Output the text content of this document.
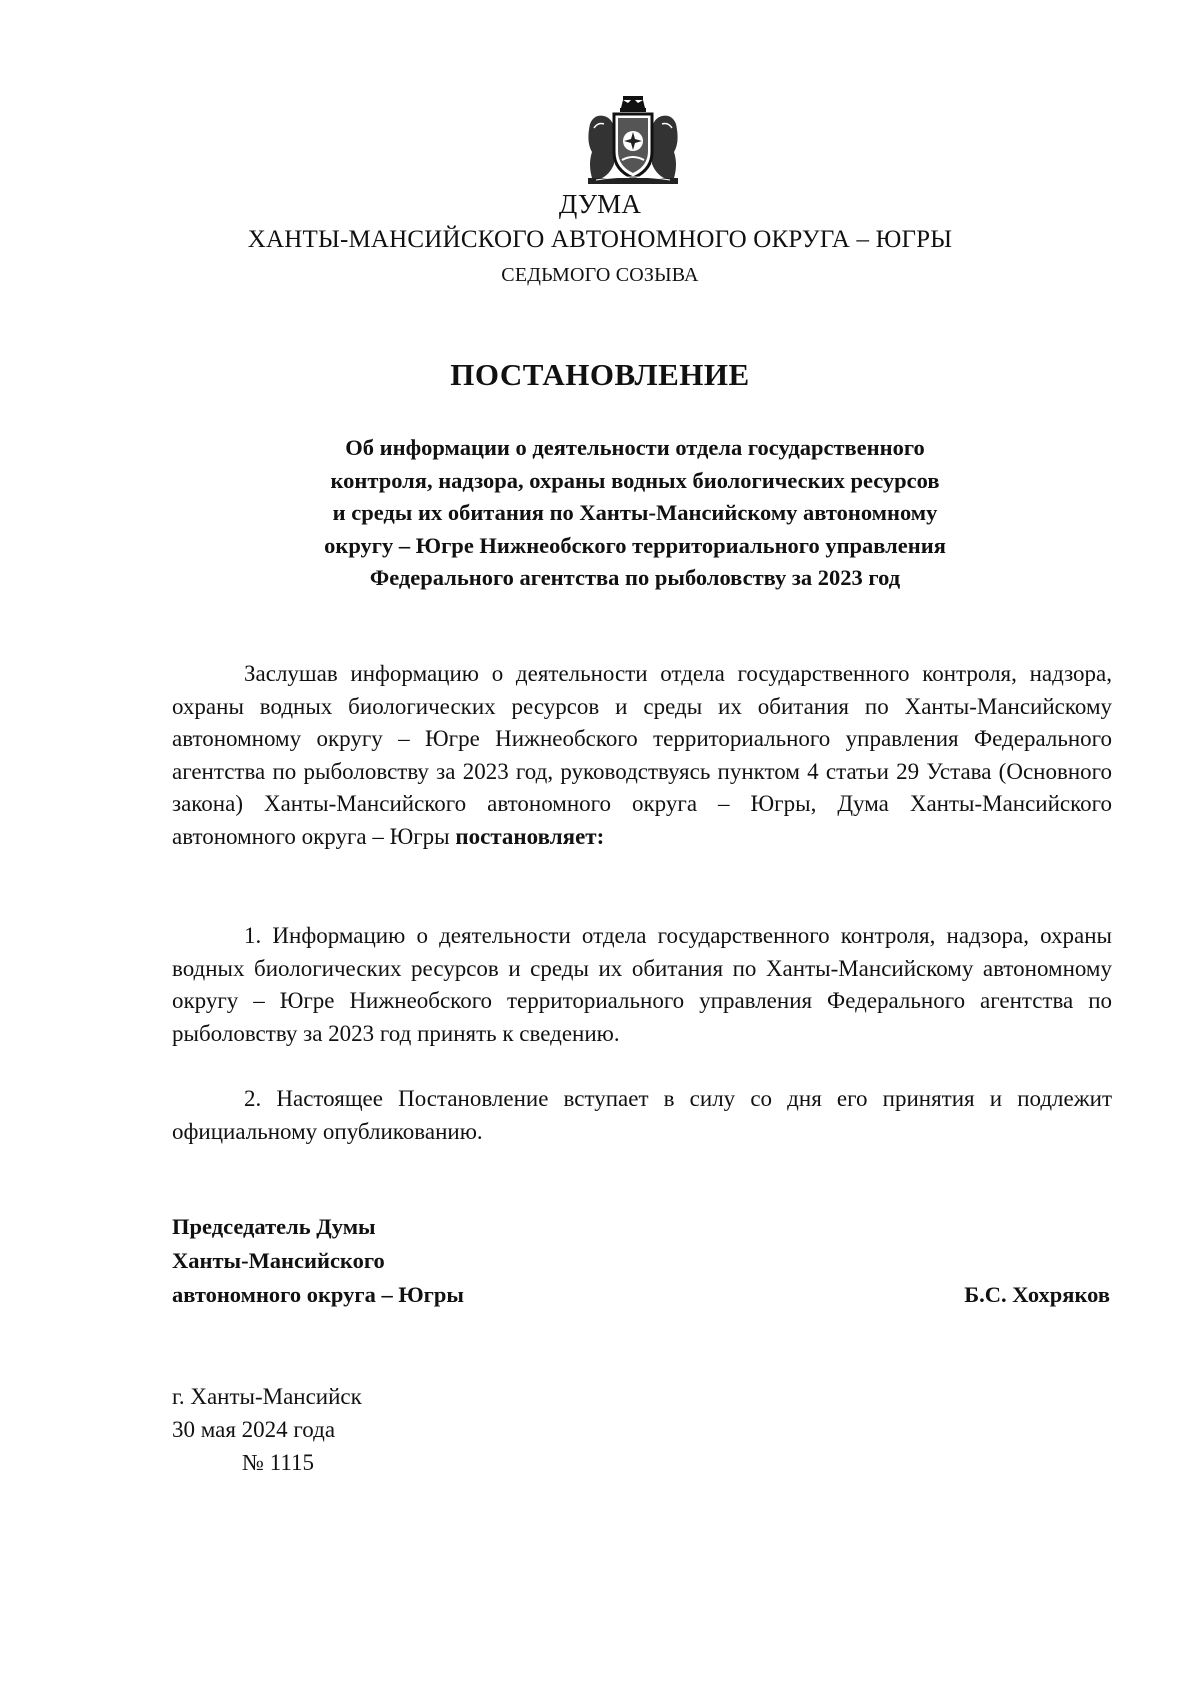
ДУМА
ХАНТЫ-МАНСИЙСКОГО АВТОНОМНОГО ОКРУГА – ЮГРЫ
СЕДЬМОГО СОЗЫВА
ПОСТАНОВЛЕНИЕ
Об информации о деятельности отдела государственного
контроля, надзора, охраны водных биологических ресурсов
и среды их обитания по Ханты-Мансийскому автономному
округу – Югре Нижнеобского территориального управления
Федерального агентства по рыболовству за 2023 год
Заслушав информацию о деятельности отдела государственного контроля, надзора, охраны водных биологических ресурсов и среды их обитания по Ханты-Мансийскому автономному округу – Югре Нижнеобского территориального управления Федерального агентства по рыболовству за 2023 год, руководствуясь пунктом 4 статьи 29 Устава (Основного закона) Ханты-Мансийского автономного округа – Югры, Дума Ханты-Мансийского автономного округа – Югры постановляет:
1. Информацию о деятельности отдела государственного контроля, надзора, охраны водных биологических ресурсов и среды их обитания по Ханты-Мансийскому автономному округу – Югре Нижнеобского территориального управления Федерального агентства по рыболовству за 2023 год принять к сведению.
2. Настоящее Постановление вступает в силу со дня его принятия и подлежит официальному опубликованию.
Председатель Думы
Ханты-Мансийского
автономного округа – Югры	Б.С. Хохряков
г. Ханты-Мансийск
30 мая 2024 года
№ 1115
